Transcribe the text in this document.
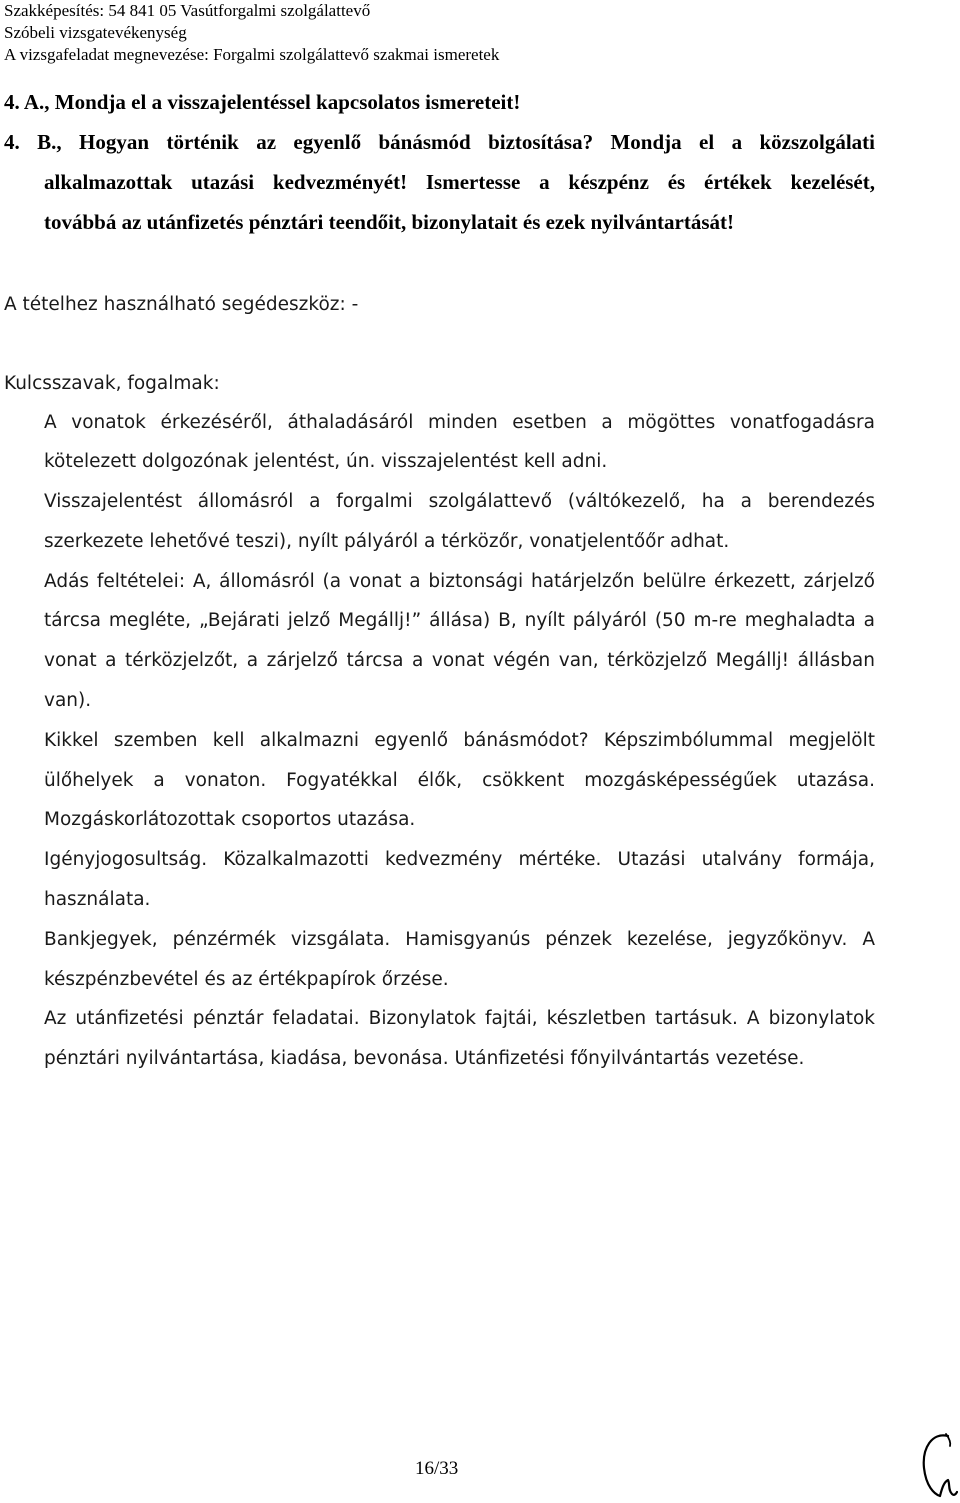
Szakképesítés: 54 841 05 Vasútforgalmi szolgálattevő
Szóbeli vizsgatevékenység
A vizsgafeladat megnevezése: Forgalmi szolgálattevő szakmai ismeretek
4. A., Mondja el a visszajelentéssel kapcsolatos ismereteit!
4. B., Hogyan történik az egyenlő bánásmód biztosítása? Mondja el a közszolgálati
alkalmazottak utazási kedvezményét! Ismertesse a készpénz és értékek kezelését,
továbbá az utánfizetés pénztári teendőit, bizonylatait és ezek nyilvántartását!
A tételhez használható segédeszköz: -
Kulcsszavak, fogalmak:
A vonatok érkezéséről, áthaladásáról minden esetben a mögöttes vonatfogadásra
kötelezett dolgozónak jelentést, ún. visszajelentést kell adni.
Visszajelentést állomásról a forgalmi szolgálattevő (váltókezelő, ha a berendezés
szerkezete lehetővé teszi), nyílt pályáról a térközőr, vonatjelentőőr adhat.
Adás feltételei: A, állomásról (a vonat a biztonsági határjelzőn belülre érkezett, zárjelző
tárcsa megléte, „Bejárati jelző Megállj!” állása) B, nyílt pályáról (50 m-re meghaladta a
vonat a térközjelzőt, a zárjelző tárcsa a vonat végén van, térközjelző Megállj! állásban
van).
Kikkel szemben kell alkalmazni egyenlő bánásmódot? Képszimbólummal megjelölt
ülőhelyek a vonaton. Fogyatékkal élők, csökkent mozgásképességűek utazása.
Mozgáskorlátozottak csoportos utazása.
Igényjogosultság. Közalkalmazotti kedvezmény mértéke. Utazási utalvány formája,
használata.
Bankjegyek, pénzérmék vizsgálata. Hamisgyanús pénzek kezelése, jegyzőkönyv. A
készpénzbevétel és az értékpapírok őrzése.
Az utánfizetési pénztár feladatai. Bizonylatok fajtái, készletben tartásuk. A bizonylatok
pénztári nyilvántartása, kiadása, bevonása. Utánfizetési főnyilvántartás vezetése.
16/33
